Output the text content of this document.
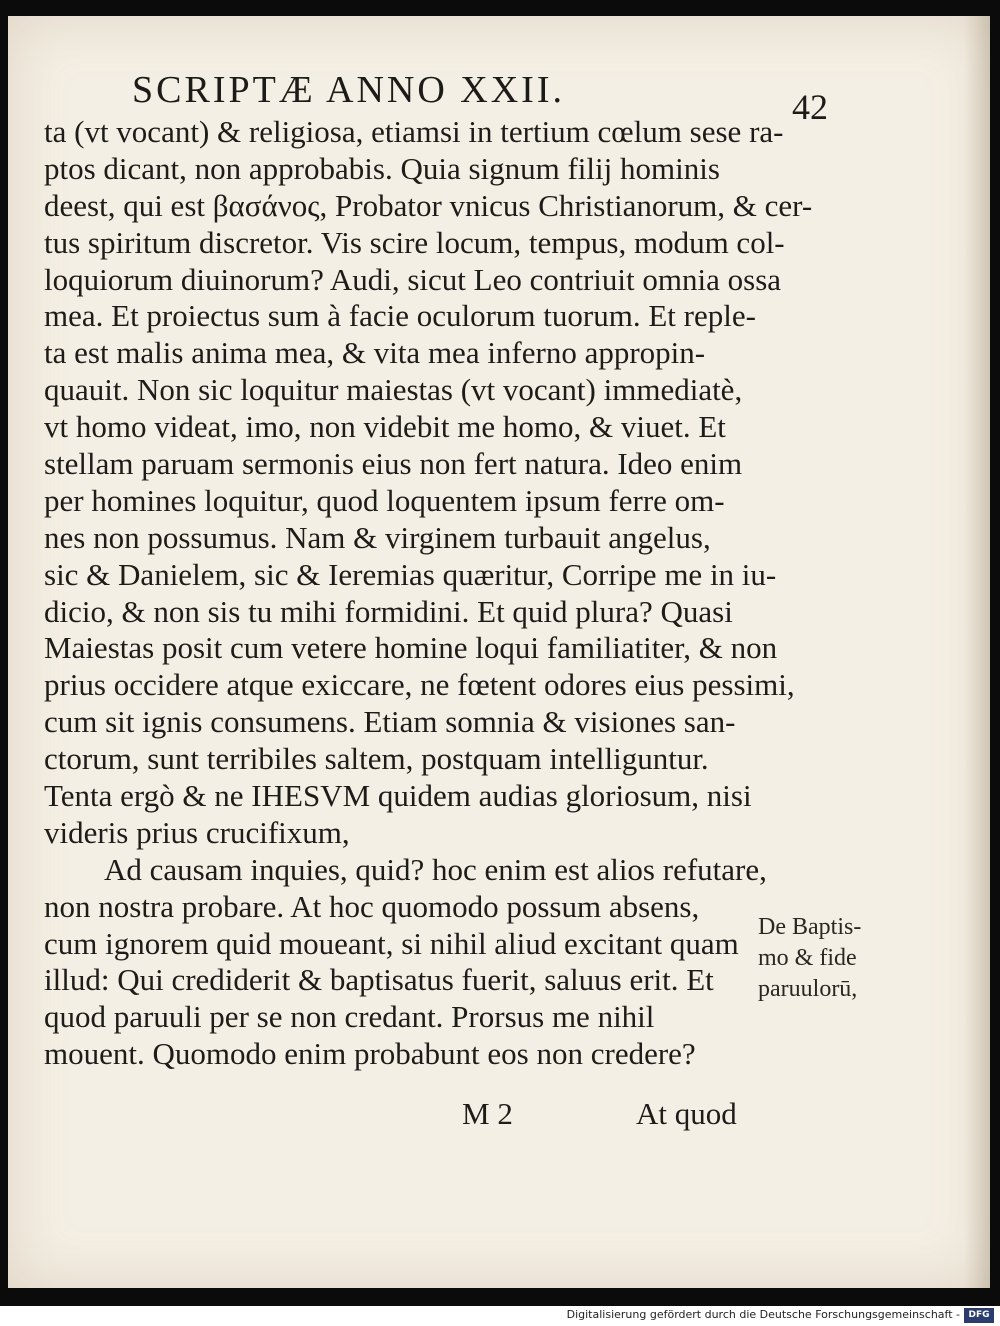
SCRIPTÆ ANNO XXII.	42
ta (vt vocant) & religiosa, etiamsi in tertium cœlum sese ra-
ptos dicant, non approbabis. Quia signum filij hominis
deest, qui est βασάνος, Probator vnicus Christianorum, & cer-
tus spiritum discretor. Vis scire locum, tempus, modum col-
loquiorum diuinorum? Audi, sicut Leo contriuit omnia ossa
mea. Et proiectus sum à facie oculorum tuorum. Et reple-
ta est malis anima mea, & vita mea inferno appropin-
quauit. Non sic loquitur maiestas (vt vocant) immediatè,
vt homo videat, imo, non videbit me homo, & viuet. Et
stellam paruam sermonis eius non fert natura. Ideo enim
per homines loquitur, quod loquentem ipsum ferre om-
nes non possumus. Nam & virginem turbauit angelus,
sic & Danielem, sic & Ieremias quæritur, Corripe me in iu-
dicio, & non sis tu mihi formidini. Et quid plura? Quasi
Maiestas posit cum vetere homine loqui familiatiter, & non
prius occidere atque exiccare, ne fœtent odores eius pessimi,
cum sit ignis consumens. Etiam somnia & visiones san-
ctorum, sunt terribiles saltem, postquam intelliguntur.
Tenta ergò & ne IHESVM quidem audias gloriosum, nisi
videris prius crucifixum,
Ad causam inquies, quid? hoc enim est alios refutare,
non nostra probare. At hoc quomodo possum absens,
cum ignorem quid moueant, si nihil aliud excitant quam
illud: Qui crediderit & baptisatus fuerit, saluus erit. Et
quod paruuli per se non credant. Prorsus me nihil
mouent. Quomodo enim probabunt eos non credere?
De Baptis-
mo & fide
paruulorū,
M 2	At quod
Digitalisierung gefördert durch die Deutsche Forschungsgemeinschaft - DFG
